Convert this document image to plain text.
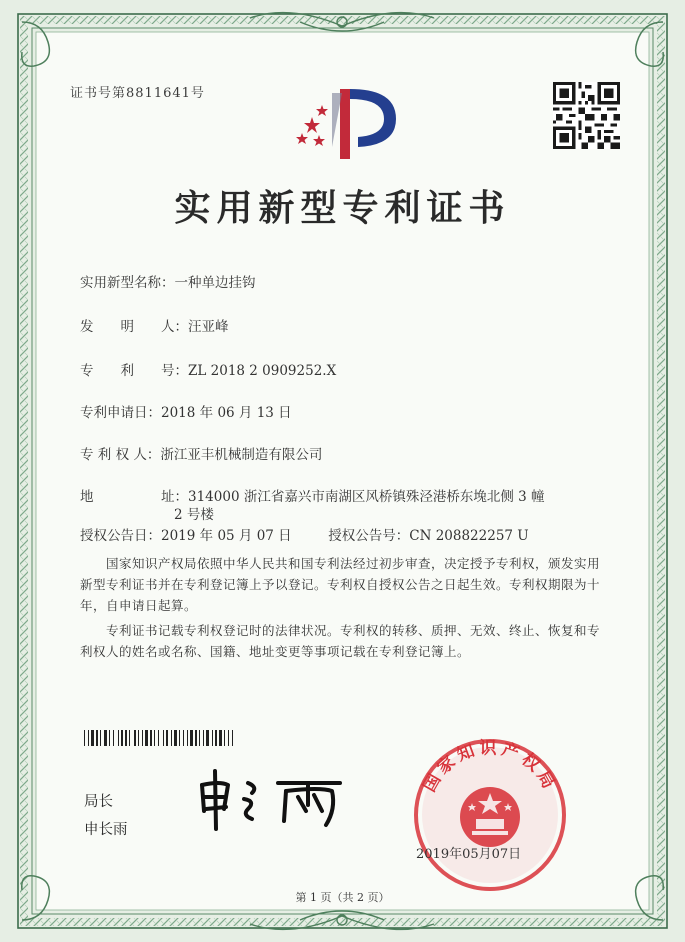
证书号第8811641号
实用新型专利证书
实用新型名称：一种单边挂钩
发　　明　　人：汪亚峰
专　　利　　号：ZL 2018 2 0909252.X
专利申请日：2018 年 06 月 13 日
专 利 权 人：浙江亚丰机械制造有限公司
地　　　　　址：314000 浙江省嘉兴市南湖区风桥镇殊泾港桥东堍北侧 3 幢
2 号楼
授权公告日：2019 年 05 月 07 日	授权公告号：CN 208822257 U
国家知识产权局依照中华人民共和国专利法经过初步审查，决定授予专利权，颁发实用新型专利证书并在专利登记簿上予以登记。专利权自授权公告之日起生效。专利权期限为十年，自申请日起算。
专利证书记载专利权登记时的法律状况。专利权的转移、质押、无效、终止、恢复和专利权人的姓名或名称、国籍、地址变更等事项记载在专利登记簿上。
局长
申长雨
国家知识产权局
2019年05月07日
第 1 页（共 2 页）
